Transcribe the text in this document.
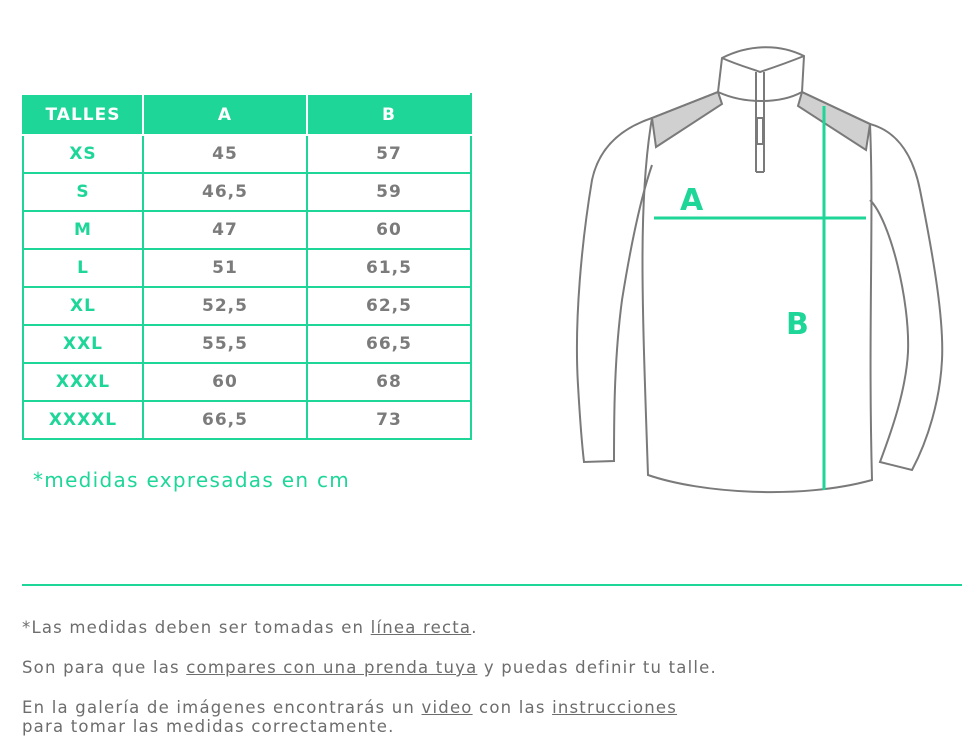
TALLES	A	B
XS	45	57
S	46,5	59
M	47	60
L	51	61,5
XL	52,5	62,5
XXL	55,5	66,5
XXXL	60	68
XXXXL	66,5	73

*medidas expresadas en cm

A
B

*Las medidas deben ser tomadas en línea recta.

Son para que las compares con una prenda tuya y puedas definir tu talle.

En la galería de imágenes encontrarás un video con las instrucciones

para tomar las medidas correctamente.
